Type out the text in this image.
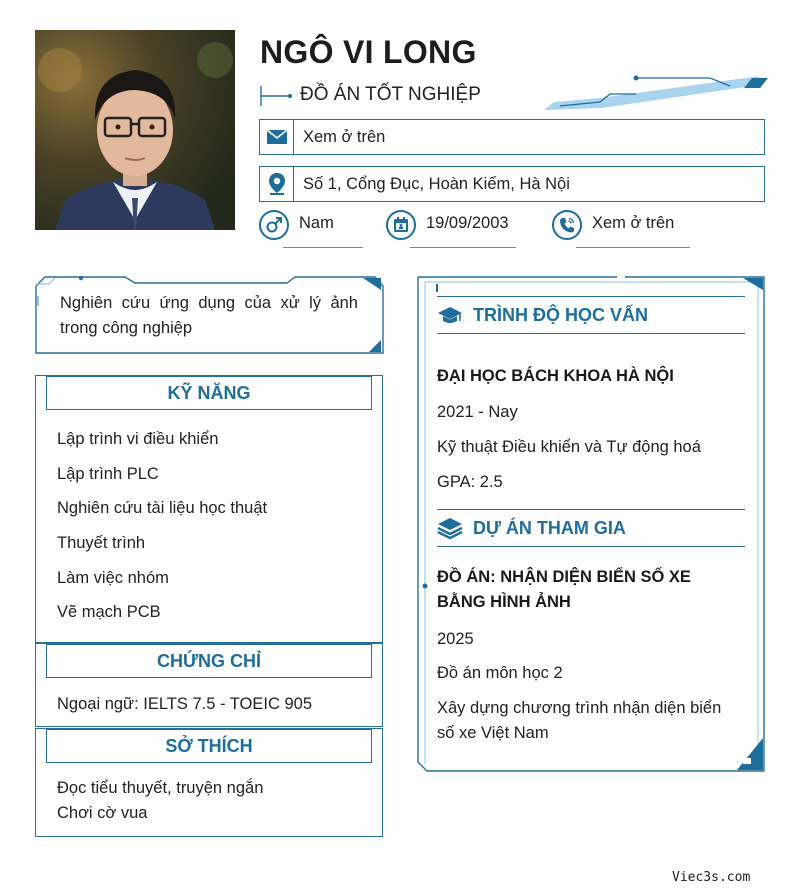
NGÔ VI LONG
ĐỒ ÁN TỐT NGHIỆP
Xem ở trên
Số 1, Cổng Đục, Hoàn Kiếm, Hà Nội
Nam	19/09/2003	Xem ở trên
Nghiên cứu ứng dụng của xử lý ảnh trong công nghiệp
KỸ NĂNG
Lập trình vi điều khiển
Lập trình PLC
Nghiên cứu tài liệu học thuật
Thuyết trình
Làm việc nhóm
Vẽ mạch PCB
CHỨNG CHỈ
Ngoại ngữ: IELTS 7.5 - TOEIC 905
SỞ THÍCH
Đọc tiểu thuyết, truyện ngắn
Chơi cờ vua
TRÌNH ĐỘ HỌC VẤN
ĐẠI HỌC BÁCH KHOA HÀ NỘI
2021 - Nay
Kỹ thuật Điều khiển và Tự động hoá
GPA: 2.5
DỰ ÁN THAM GIA
ĐỒ ÁN: NHẬN DIỆN BIỂN SỐ XE BẰNG HÌNH ẢNH
2025
Đồ án môn học 2
Xây dựng chương trình nhận diện biển số xe Việt Nam
Viec3s.com
